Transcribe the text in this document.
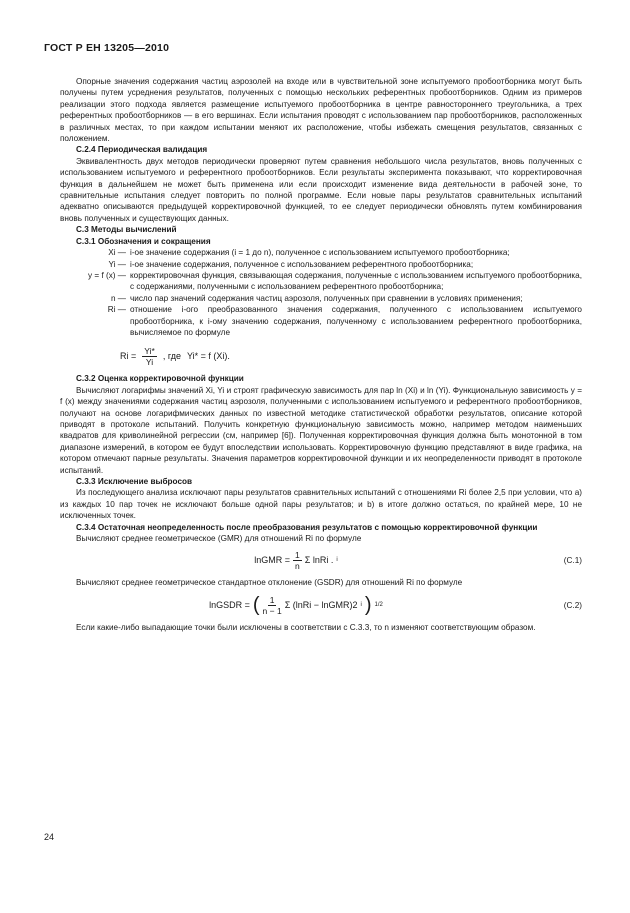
ГОСТ Р ЕН 13205—2010

Опорные значения содержания частиц аэрозолей на входе или в чувствительной зоне испытуемого пробоотборника могут быть получены путем усреднения результатов, полученных с помощью нескольких референтных пробоотборников. Одним из примеров реализации этого подхода является размещение испытуемого пробоотборника в центре равностороннего треугольника, а трех референтных пробоотборников — в его вершинах. Если испытания проводят с использованием пар пробоотборников, расположенных в различных местах, то при каждом испытании меняют их расположение, чтобы избежать смещения результатов, связанных с положением.

С.2.4 Периодическая валидация

Эквивалентность двух методов периодически проверяют путем сравнения небольшого числа результатов, вновь полученных с использованием испытуемого и референтного пробоотборников. Если результаты эксперимента показывают, что корректировочная функция в дальнейшем не может быть применена или если происходит изменение вида деятельности в рабочей зоне, то сравнительные испытания следует повторить по полной программе. Если новые пары результатов сравнительных испытаний адекватно описываются предыдущей корректировочной функцией, то ее следует периодически обновлять путем комбинирования вновь полученных и существующих данных.

С.3 Методы вычислений
С.3.1 Обозначения и сокращения
Xi — i-ое значение содержания (i = 1 до n), полученное с использованием испытуемого пробоотборника;
Yi — i-ое значение содержания, полученное с использованием референтного пробоотборника;
y = f (x) — корректировочная функция, связывающая содержания, полученные с использованием испытуемого пробоотборника, с содержаниями, полученными с использованием референтного пробоотборника;
n — число пар значений содержания частиц аэрозоля, полученных при сравнении в условиях применения;
Ri — отношение i-ого преобразованного значения содержания, полученного с использованием испытуемого пробоотборника, к i-ому значению содержания, полученному с использованием референтного пробоотборника, вычисляемое по формуле
$Ri = \frac{Yi*}{Yi}$ , где Yi* = f (Xi).
С.3.2 Оценка корректировочной функции

Вычисляют логарифмы значений Xi, Yi и строят графическую зависимость для пар ln (Xi) и ln (Yi). Функциональную зависимость y = f (x) между значениями содержания частиц аэрозоля, полученными с использованием испытуемого и референтного пробоотборников, получают на основе логарифмических данных по известной методике статистической обработки результатов, описание которой приводят в протоколе испытаний. Получить конкретную функциональную зависимость можно, например методом наименьших квадратов для криволинейной регрессии (см, например [6]). Полученная корректировочная функция должна быть монотонной в том диапазоне измерений, в котором ее будут впоследствии использовать. Корректировочную функцию представляют в виде графика, на котором отмечают парные результаты. Значения параметров корректировочной функции и их неопределенности приводят в протоколе испытаний.

С.3.3 Исключение выбросов

Из последующего анализа исключают пары результатов сравнительных испытаний с отношениями Ri более 2,5 при условии, что а) из каждых 10 пар точек не исключают больше одной пары результатов; и b) в итоге должно остаться, по крайней мере, 10 не исключенных точек.

С.3.4 Остаточная неопределенность после преобразования результатов с помощью корректировочной функции

Вычисляют среднее геометрическое (GMR) для отношений Ri по формуле

lnGMR = $\frac{1}{n}$ Σ lnRi . i	(С.1)

Вычисляют среднее геометрическое стандартное отклонение (GSDR) для отношений Ri по формуле

lnGSDR = ( $\frac{1}{n - 1}$ Σ (lnRi − lnGMR)2 i ) 1/2	(С.2)

Если какие-либо выпадающие точки были исключены в соответствии с С.3.3, то n изменяют соответствующим образом.

24
